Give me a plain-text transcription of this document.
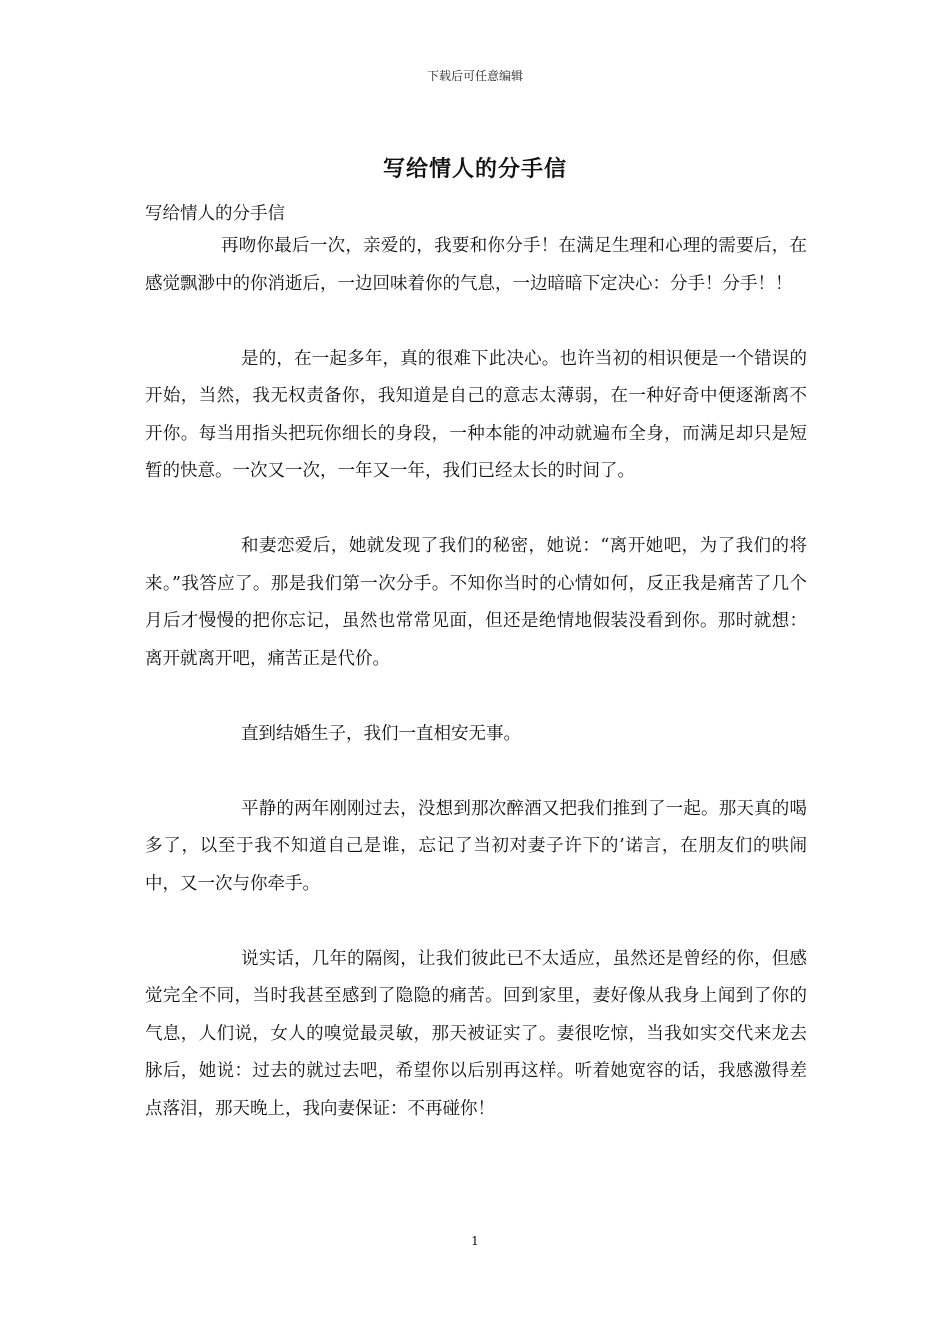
下载后可任意编辑
写给情人的分手信

写给情人的分手信

再吻你最后一次，亲爱的，我要和你分手！在满足生理和心理的需要后，在感觉飘渺中的你消逝后，一边回味着你的气息，一边暗暗下定决心：分手！分手！！

是的，在一起多年，真的很难下此决心。也许当初的相识便是一个错误的开始，当然，我无权责备你，我知道是自己的意志太薄弱，在一种好奇中便逐渐离不开你。每当用指头把玩你细长的身段，一种本能的冲动就遍布全身，而满足却只是短暂的快意。一次又一次，一年又一年，我们已经太长的时间了。

和妻恋爱后，她就发现了我们的秘密，她说：“离开她吧，为了我们的将来。”我答应了。那是我们第一次分手。不知你当时的心情如何，反正我是痛苦了几个月后才慢慢的把你忘记，虽然也常常见面，但还是绝情地假装没看到你。那时就想：离开就离开吧，痛苦正是代价。

直到结婚生子，我们一直相安无事。

平静的两年刚刚过去，没想到那次醉酒又把我们推到了一起。那天真的喝多了，以至于我不知道自己是谁，忘记了当初对妻子许下的’诺言，在朋友们的哄闹中，又一次与你牵手。

说实话，几年的隔阂，让我们彼此已不太适应，虽然还是曾经的你，但感觉完全不同，当时我甚至感到了隐隐的痛苦。回到家里，妻好像从我身上闻到了你的气息，人们说，女人的嗅觉最灵敏，那天被证实了。妻很吃惊，当我如实交代来龙去脉后，她说：过去的就过去吧，希望你以后别再这样。听着她宽容的话，我感激得差点落泪，那天晚上，我向妻保证：不再碰你！

1
